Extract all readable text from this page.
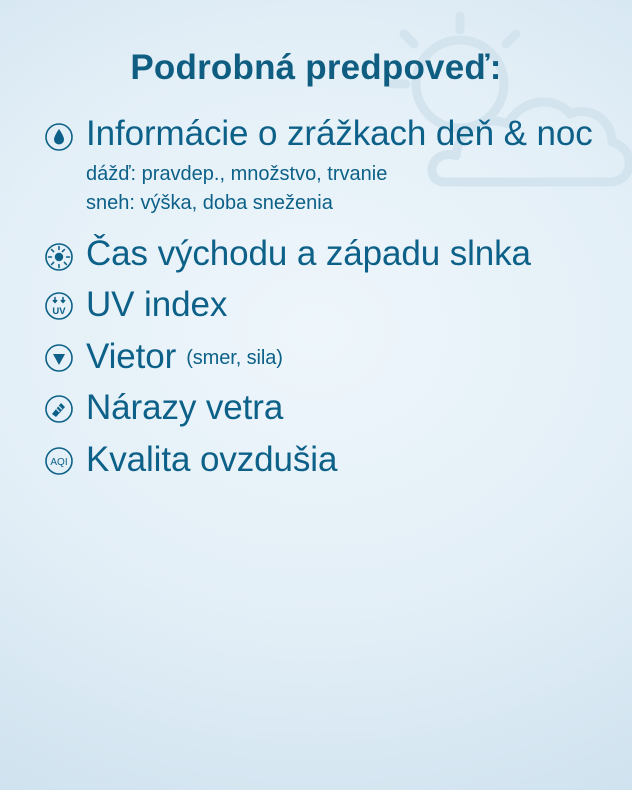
Podrobná predpoveď:
Informácie o zrážkach deň & noc
dážď: pravdep., množstvo, trvanie
sneh: výška, doba sneženia
Čas východu a západu slnka
UV UV index
Vietor (smer, sila)
Nárazy vetra
AQI Kvalita ovzdušia
